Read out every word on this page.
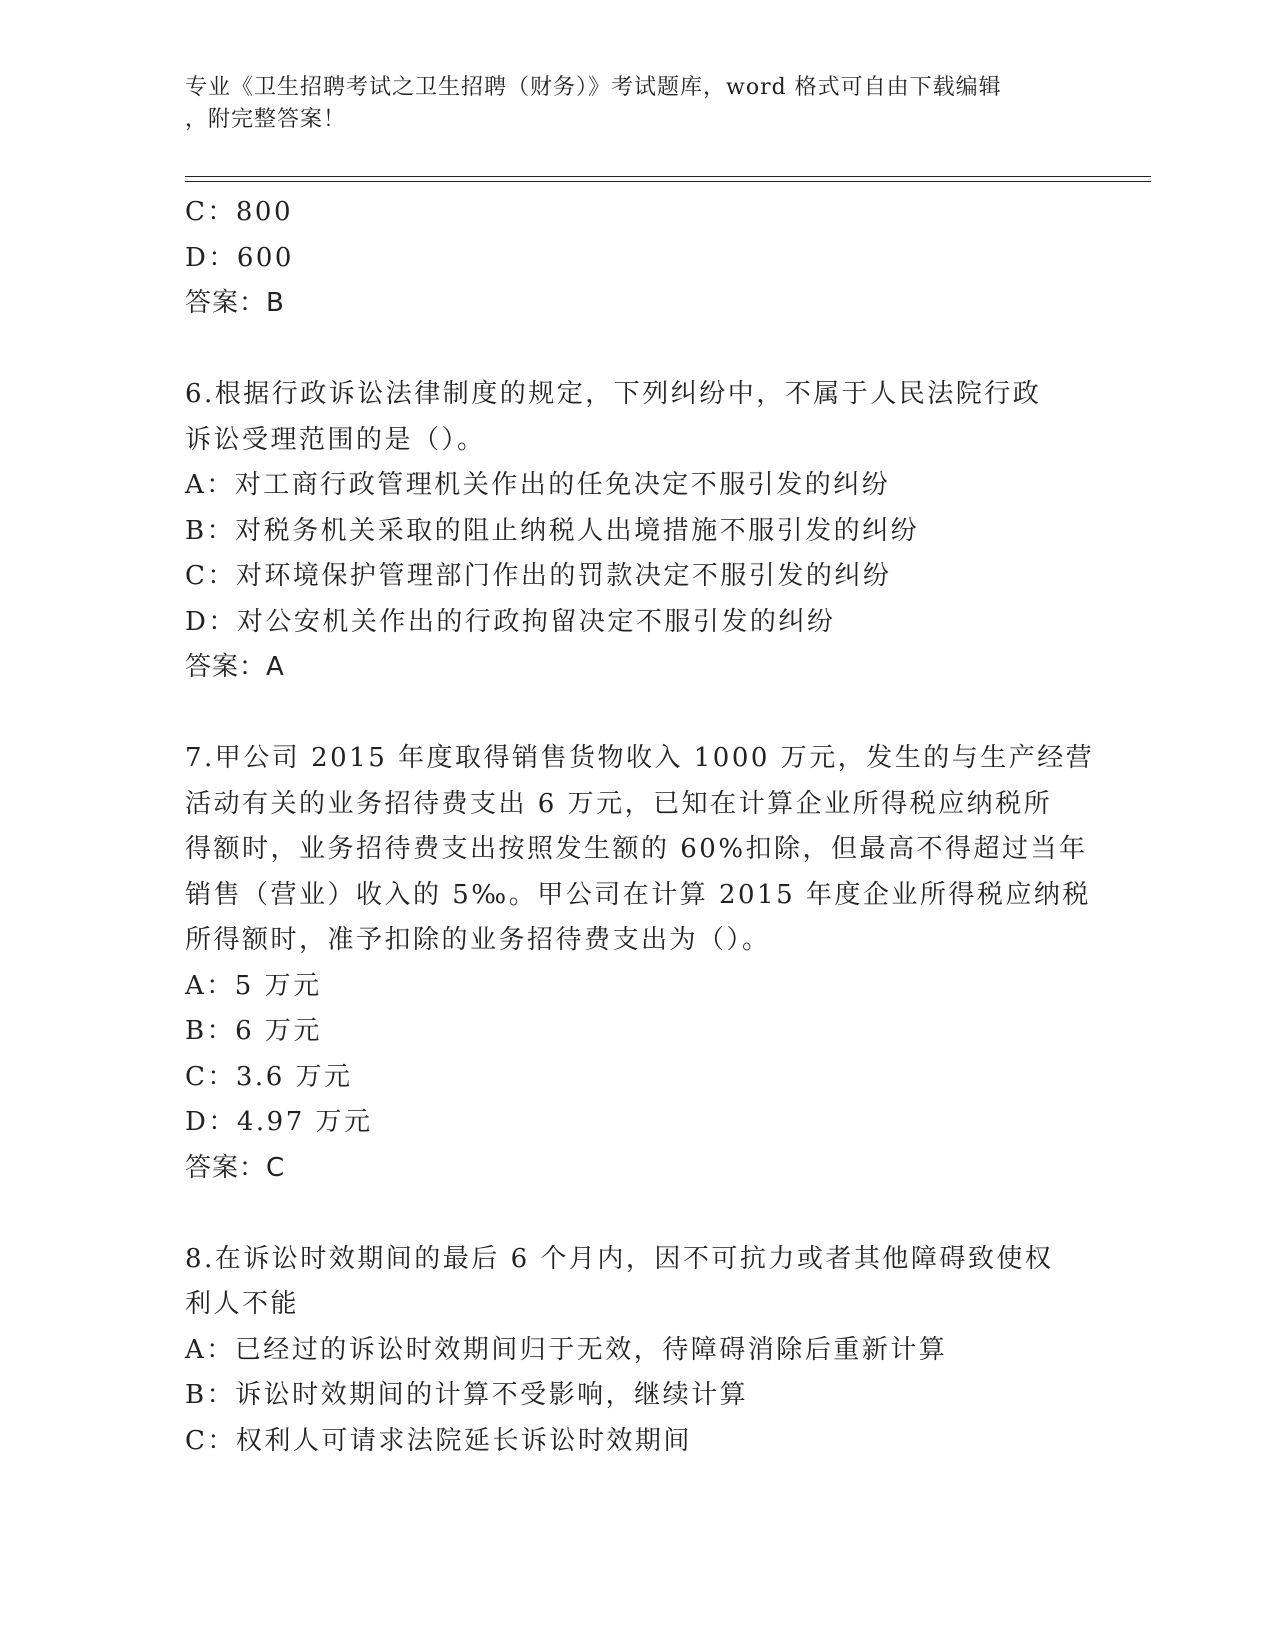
专业《卫生招聘考试之卫生招聘（财务）》考试题库，word 格式可自由下载编辑
，附完整答案！
C：800
D：600
答案：B
6.根据行政诉讼法律制度的规定，下列纠纷中，不属于人民法院行政
诉讼受理范围的是（）。
A：对工商行政管理机关作出的任免决定不服引发的纠纷
B：对税务机关采取的阻止纳税人出境措施不服引发的纠纷
C：对环境保护管理部门作出的罚款决定不服引发的纠纷
D：对公安机关作出的行政拘留决定不服引发的纠纷
答案：A
7.甲公司 2015 年度取得销售货物收入 1000 万元，发生的与生产经营
活动有关的业务招待费支出 6 万元，已知在计算企业所得税应纳税所
得额时，业务招待费支出按照发生额的 60%扣除，但最高不得超过当年
销售（营业）收入的 5‰。甲公司在计算 2015 年度企业所得税应纳税
所得额时，准予扣除的业务招待费支出为（）。
A：5 万元
B：6 万元
C：3.6 万元
D：4.97 万元
答案：C
8.在诉讼时效期间的最后 6 个月内，因不可抗力或者其他障碍致使权
利人不能
A：已经过的诉讼时效期间归于无效，待障碍消除后重新计算
B：诉讼时效期间的计算不受影响，继续计算
C：权利人可请求法院延长诉讼时效期间
